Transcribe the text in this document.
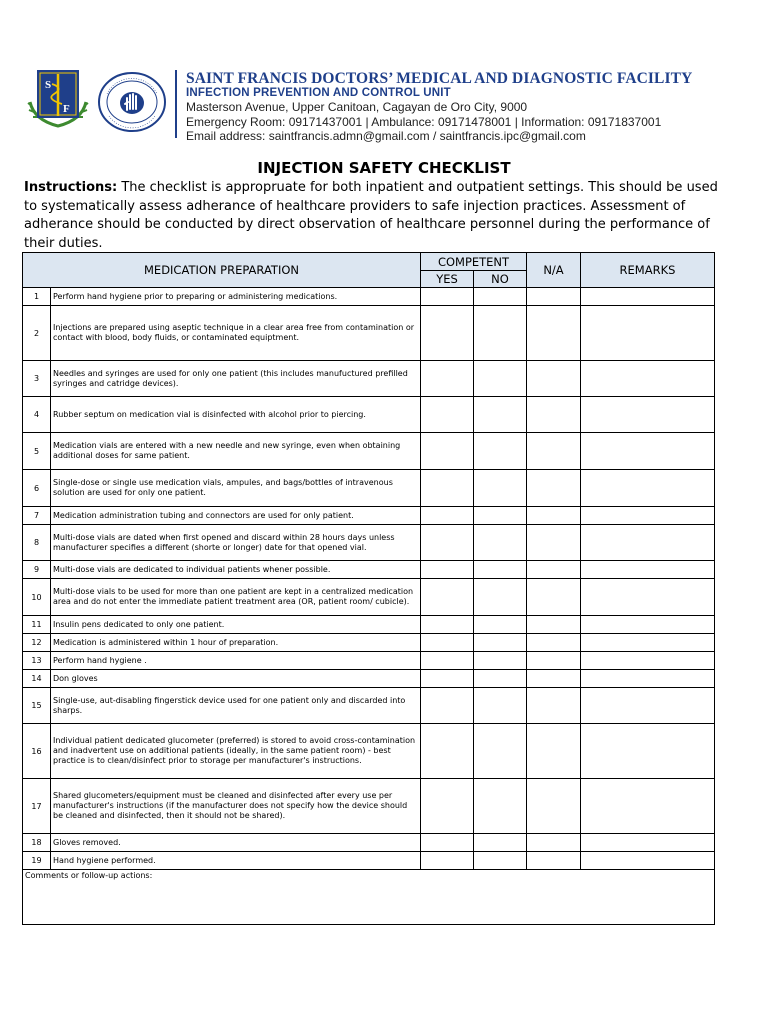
S
F
SAINT FRANCIS DOCTORS’ MEDICAL AND DIAGNOSTIC FACILITY
INFECTION PREVENTION AND CONTROL UNIT
Masterson Avenue, Upper Canitoan, Cagayan de Oro City, 9000
Emergency Room: 09171437001 | Ambulance: 09171478001 | Information: 09171837001
Email address: saintfrancis.admn@gmail.com / saintfrancis.ipc@gmail.com
INJECTION SAFETY CHECKLIST
Instructions: The checklist is appropruate for both inpatient and outpatient settings. This should be used to systematically assess adherance of healthcare providers to safe injection practices. Assessment of adherance should be conducted by direct observation of healthcare personnel during the performance of their duties.
MEDICATION PREPARATION		COMPETENT		N/A	REMARKS
		YES	NO		
1	Perform hand hygiene prior to preparing or administering medications.				
2	Injections are prepared using aseptic technique in a clear area free from contamination or contact with blood, body fluids, or contaminated equiptment.				
3	Needles and syringes are used for only one patient (this includes manufuctured prefilled syringes and catridge devices).				
4	Rubber septum on medication vial is disinfected with alcohol prior to piercing.				
5	Medication vials are entered with a new needle and new syringe, even when obtaining additional doses for same patient.				
6	Single-dose or single use medication vials, ampules, and bags/bottles of intravenous solution are used for only one patient.				
7	Medication administration tubing and connectors are used for only patient.				
8	Multi-dose vials are dated when first opened and discard within 28 hours days unless manufacturer specifies a different (shorte or longer) date for that opened vial.				
9	Multi-dose vials are dedicated to individual patients whener possible.				
10	Multi-dose vials to be used for more than one patient are kept in a centralized medication area and do not enter the immediate patient treatment area (OR, patient room/ cubicle).				
11	Insulin pens dedicated to only one patient.				
12	Medication is administered within 1 hour of preparation.				
13	Perform hand hygiene .				
14	Don gloves				
15	Single-use, aut-disabling fingerstick device used for one patient only and discarded into sharps.				
16	Individual patient dedicated glucometer (preferred) is stored to avoid cross-contamination and inadvertent use on additional patients (ideally, in the same patient room) - best practice is to clean/disinfect prior to storage per manufacturer's instructions.				
17	Shared glucometers/equipment must be cleaned and disinfected after every use per manufacturer's instructions (if the manufacturer does not specify how the device should be cleaned and disinfected, then it should not be shared).				
18	Gloves removed.				
19	Hand hygiene performed.				
Comments or follow-up actions:					
